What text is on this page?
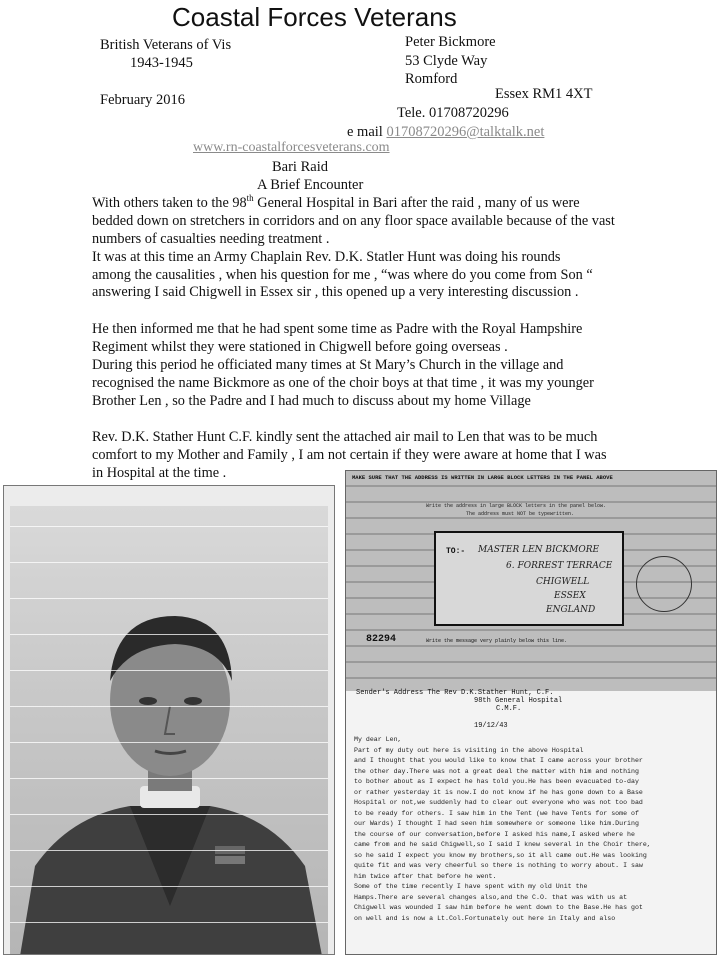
Coastal Forces Veterans
British Veterans of Vis
1943-1945
February 2016
Peter Bickmore
53 Clyde Way
Romford
Essex RM1 4XT
Tele. 01708720296
e mail 01708720296@talktalk.net
www.rn-coastalforcesveterans.com
Bari Raid
A Brief Encounter
With others taken to the 98th General Hospital in Bari after the raid , many of us were
bedded down on stretchers in corridors and on any floor space available because of the vast
numbers of casualties needing treatment .
It was at this time an Army Chaplain Rev. D.K. Statler Hunt was doing his rounds
among the causalities , when his question for me , “was where do you come from Son “
answering I said Chigwell in Essex sir , this opened up a very interesting discussion .
He then informed me that he had spent some time as Padre with the Royal Hampshire
Regiment whilst they were stationed in Chigwell before going overseas .
During this period he officiated many times at St Mary’s Church in the village and
recognised the name Bickmore as one of the choir boys at that time , it was my younger
Brother Len , so the Padre and I had much to discuss about my home Village
Rev. D.K. Stather Hunt C.F. kindly sent the attached air mail to Len that was to be much
comfort to my Mother and Family , I am not certain if they were aware at home that I was
in Hospital at the time .	MAKE SURE THAT THE ADDRESS IS WRITTEN IN LARGE BLOCK LETTERS IN THE PANEL ABOVE
Write the address in large BLOCK letters in the panel below.
The address must NOT be typewritten.
TO:- MASTER LEN BICKMORE
6. FORREST TERRACE
CHIGWELL
ESSEX
ENGLAND
82294	Write the message very plainly below this line.
Sender's Address The Rev D.K.Stather Hunt, C.F.
98th General Hospital
C.M.F.
19/12/43
My dear Len,
Part of my duty out here is visiting in the above Hospital
and I thought that you would like to know that I came across your brother
the other day.There was not a great deal the matter with him and nothing
to bother about as I expect he has told you.He has been evacuated to-day
or rather yesterday it is now.I do not know if he has gone down to a Base
Hospital or not,we suddenly had to clear out everyone who was not too bad
to be ready for others. I saw him in the Tent (we have Tents for some of
our Wards) I thought I had seen him somewhere or someone like him.During
the course of our conversation,before I asked his name,I asked where he
came from and he said Chigwell,so I said I knew several in the Choir there,
so he said I expect you know my brothers,so it all came out.He was looking
quite fit and was very cheerful so there is nothing to worry about. I saw
him twice after that before he went.
Some of the time recently I have spent with my old Unit the
Hamps.There are several changes also,and the C.O. that was with us at
Chigwell was wounded I saw him before he went down to the Base.He has got
on well and is now a Lt.Col.Fortunately out here in Italy and also
